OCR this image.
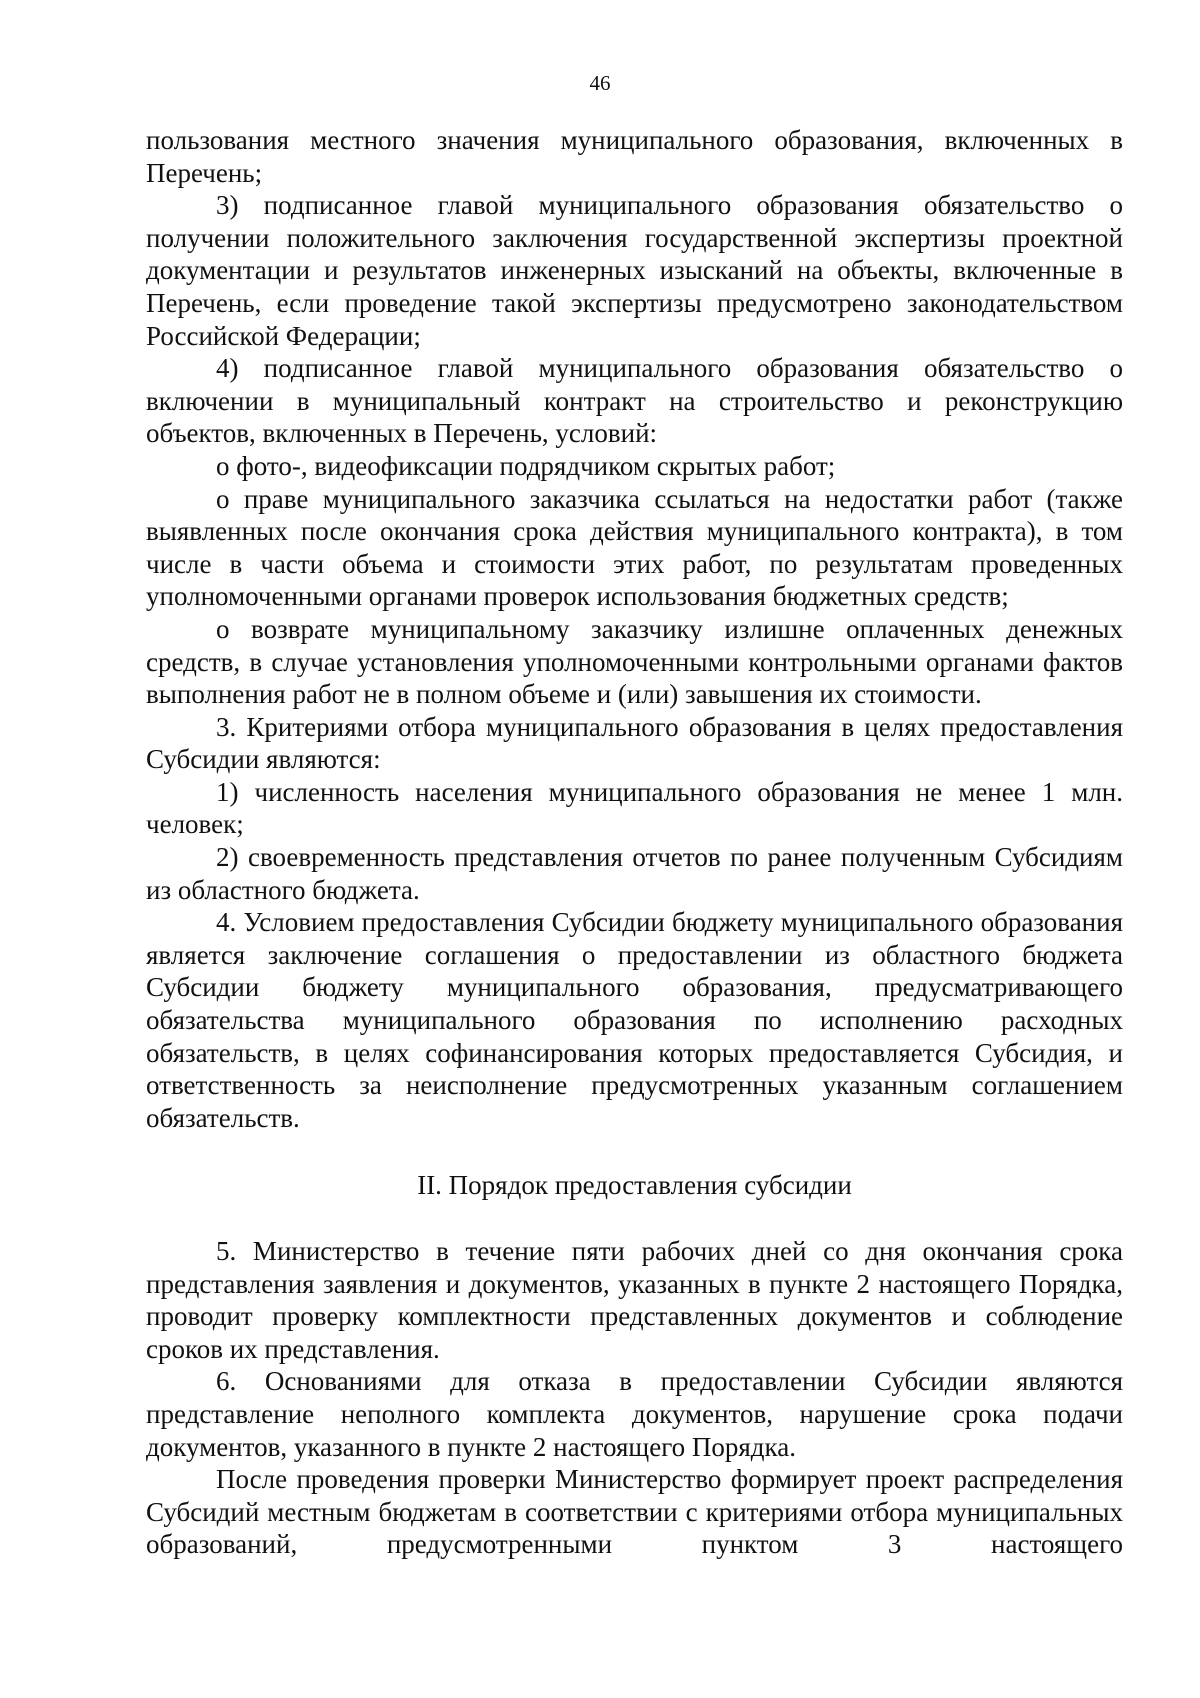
46

пользования местного значения муниципального образования, включенных в Перечень;

3) подписанное главой муниципального образования обязательство о получении положительного заключения государственной экспертизы проектной документации и результатов инженерных изысканий на объекты, включенные в Перечень, если проведение такой экспертизы предусмотрено законодательством Российской Федерации;

4) подписанное главой муниципального образования обязательство о включении в муниципальный контракт на строительство и реконструкцию объектов, включенных в Перечень, условий:

о фото-, видеофиксации подрядчиком скрытых работ;

о праве муниципального заказчика ссылаться на недостатки работ (также выявленных после окончания срока действия муниципального контракта), в том числе в части объема и стоимости этих работ, по результатам проведенных уполномоченными органами проверок использования бюджетных средств;

о возврате муниципальному заказчику излишне оплаченных денежных средств, в случае установления уполномоченными контрольными органами фактов выполнения работ не в полном объеме и (или) завышения их стоимости.

3. Критериями отбора муниципального образования в целях предоставления Субсидии являются:

1) численность населения муниципального образования не менее 1 млн. человек;

2) своевременность представления отчетов по ранее полученным Субсидиям из областного бюджета.

4. Условием предоставления Субсидии бюджету муниципального образования является заключение соглашения о предоставлении из областного бюджета Субсидии бюджету муниципального образования, предусматривающего обязательства муниципального образования по исполнению расходных обязательств, в целях софинансирования которых предоставляется Субсидия, и ответственность за неисполнение предусмотренных указанным соглашением обязательств.

II. Порядок предоставления субсидии

5. Министерство в течение пяти рабочих дней со дня окончания срока представления заявления и документов, указанных в пункте 2 настоящего Порядка, проводит проверку комплектности представленных документов и соблюдение сроков их представления.

6. Основаниями для отказа в предоставлении Субсидии являются представление неполного комплекта документов, нарушение срока подачи документов, указанного в пункте 2 настоящего Порядка.

После проведения проверки Министерство формирует проект распределения Субсидий местным бюджетам в соответствии с критериями отбора муниципальных образований, предусмотренными пунктом 3 настоящего
